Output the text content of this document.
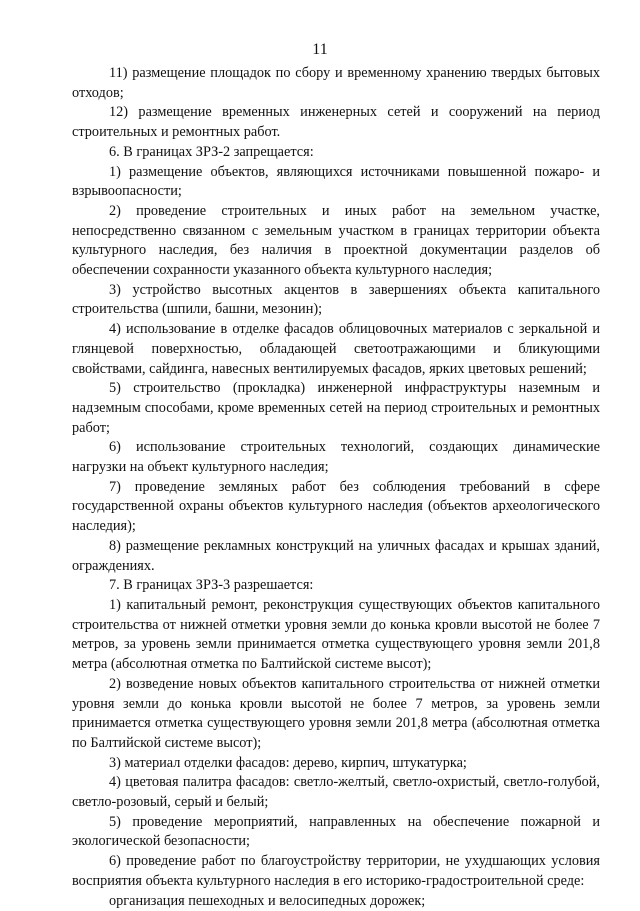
11

11) размещение площадок по сбору и временному хранению твердых бытовых отходов;

12) размещение временных инженерных сетей и сооружений на период строительных и ремонтных работ.

6. В границах ЗРЗ-2 запрещается:

1) размещение объектов, являющихся источниками повышенной пожаро- и взрывоопасности;

2) проведение строительных и иных работ на земельном участке, непосредственно связанном с земельным участком в границах территории объекта культурного наследия, без наличия в проектной документации разделов об обеспечении сохранности указанного объекта культурного наследия;

3) устройство высотных акцентов в завершениях объекта капитального строительства (шпили, башни, мезонин);

4) использование в отделке фасадов облицовочных материалов с зеркальной и глянцевой поверхностью, обладающей светоотражающими и бликующими свойствами, сайдинга, навесных вентилируемых фасадов, ярких цветовых решений;

5) строительство (прокладка) инженерной инфраструктуры наземным и надземным способами, кроме временных сетей на период строительных и ремонтных работ;

6) использование строительных технологий, создающих динамические нагрузки на объект культурного наследия;

7) проведение земляных работ без соблюдения требований в сфере государственной охраны объектов культурного наследия (объектов археологического наследия);

8) размещение рекламных конструкций на уличных фасадах и крышах зданий, ограждениях.

7. В границах ЗРЗ-3 разрешается:

1) капитальный ремонт, реконструкция существующих объектов капитального строительства от нижней отметки уровня земли до конька кровли высотой не более 7 метров, за уровень земли принимается отметка существующего уровня земли 201,8 метра (абсолютная отметка по Балтийской системе высот);

2) возведение новых объектов капитального строительства от нижней отметки уровня земли до конька кровли высотой не более 7 метров, за уровень земли принимается отметка существующего уровня земли 201,8 метра (абсолютная отметка по Балтийской системе высот);

3) материал отделки фасадов: дерево, кирпич, штукатурка;

4) цветовая палитра фасадов: светло-желтый, светло-охристый, светло-голубой, светло-розовый, серый и белый;

5) проведение мероприятий, направленных на обеспечение пожарной и экологической безопасности;

6) проведение работ по благоустройству территории, не ухудшающих условия восприятия объекта культурного наследия в его историко-градостроительной среде:

организация пешеходных и велосипедных дорожек;
